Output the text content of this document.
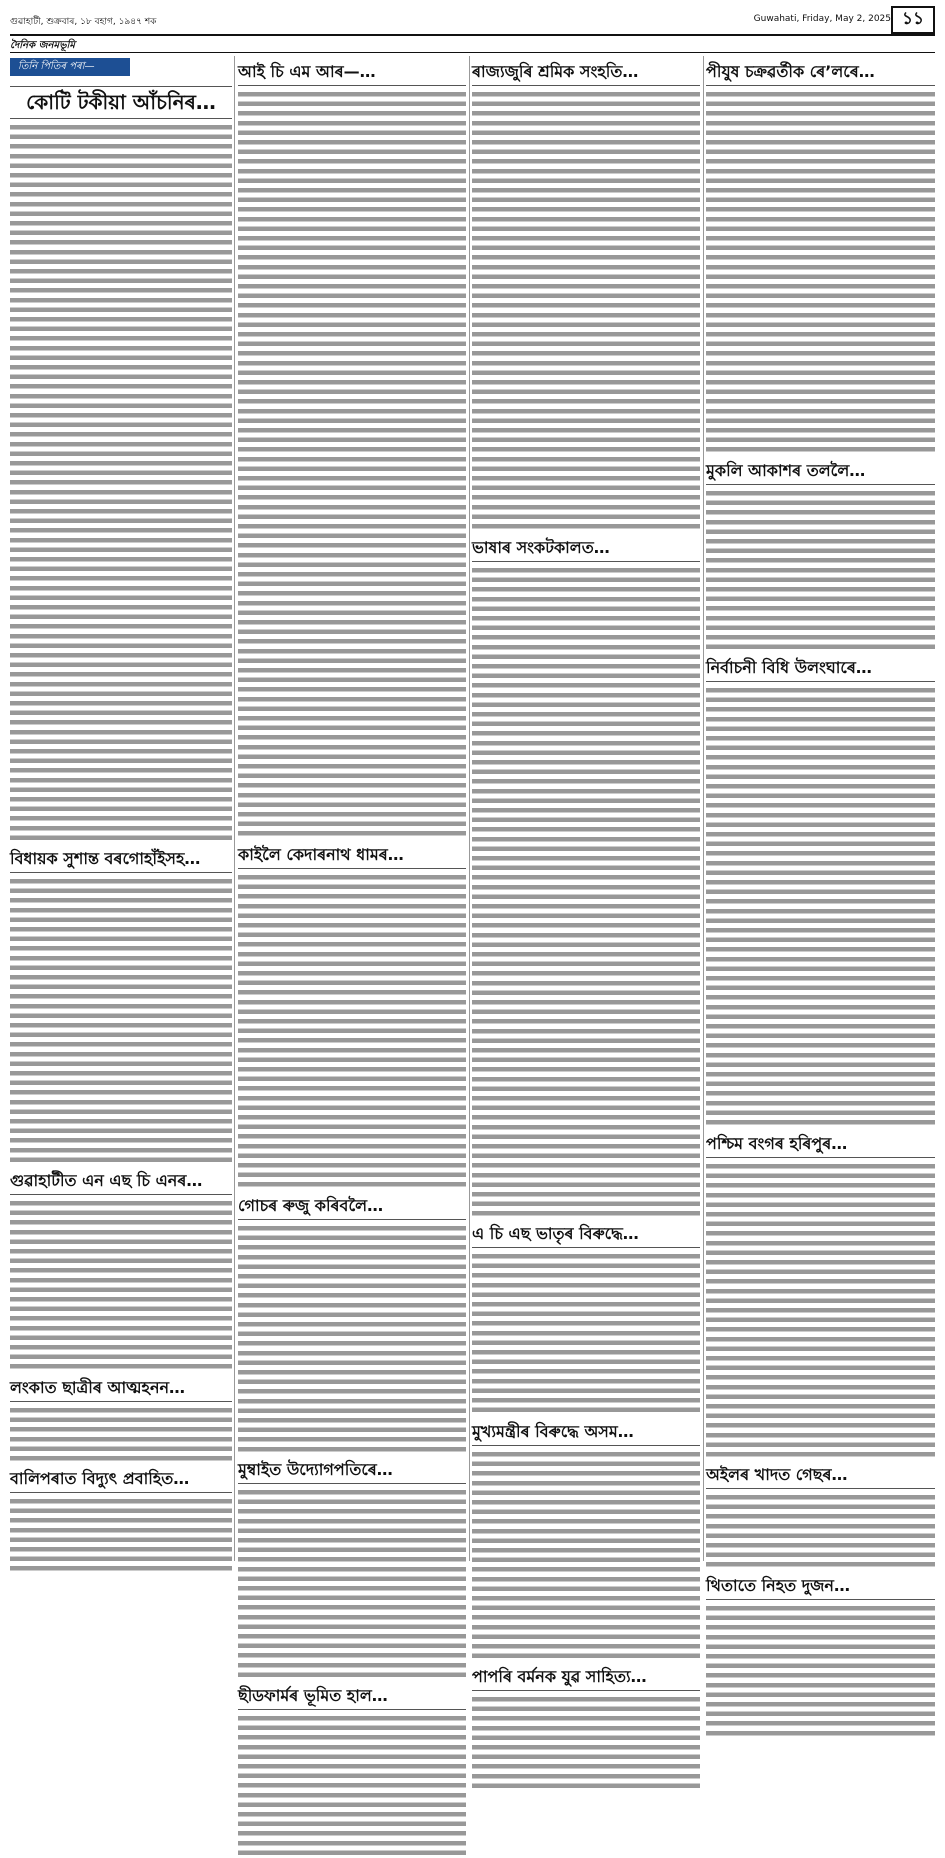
গুৱাহাটী, শুক্ৰবাৰ, ১৮ বহাগ, ১৯৪৭ শক	Guwahati, Friday, May 2, 2025 ১১
দৈনিক জনমভূমি
তিনি পিতিৰ পৰা—
কোটি টকীয়া আঁচনিৰ…
বিধায়ক সুশান্ত বৰগোহাঁইসহ…
গুৱাহাটীত এন এছ চি এনৰ…
লংকাত ছাত্ৰীৰ আত্মহনন…
বালিপৰাত বিদ্যুৎ প্ৰবাহিত…
আই চি এম আৰ—…
কাইলৈ কেদাৰনাথ ধামৰ…
গোচৰ ৰুজু কৰিবলৈ…
মুম্বাইত উদ্যোগপতিৰে…
ছীডফাৰ্মৰ ভূমিত হাল…
ৰাজ্যজুৰি শ্ৰমিক সংহতি…
ভাষাৰ সংকটকালত…
এ চি এছ ভাতৃৰ বিৰুদ্ধে…
মুখ্যমন্ত্ৰীৰ বিৰুদ্ধে অসম…
পাপৰি বৰ্মনক যুৱ সাহিত্য…
পীযুষ চক্ৰৱৰ্তীক ৰে’লৰে…
মুকলি আকাশৰ তললৈ…
নিৰ্বাচনী বিধি উলংঘাৰে…
পশ্চিম বংগৰ হৰিপুৰ…
অইলৰ খাদত গেছৰ…
থিতাতে নিহত দুজন…
